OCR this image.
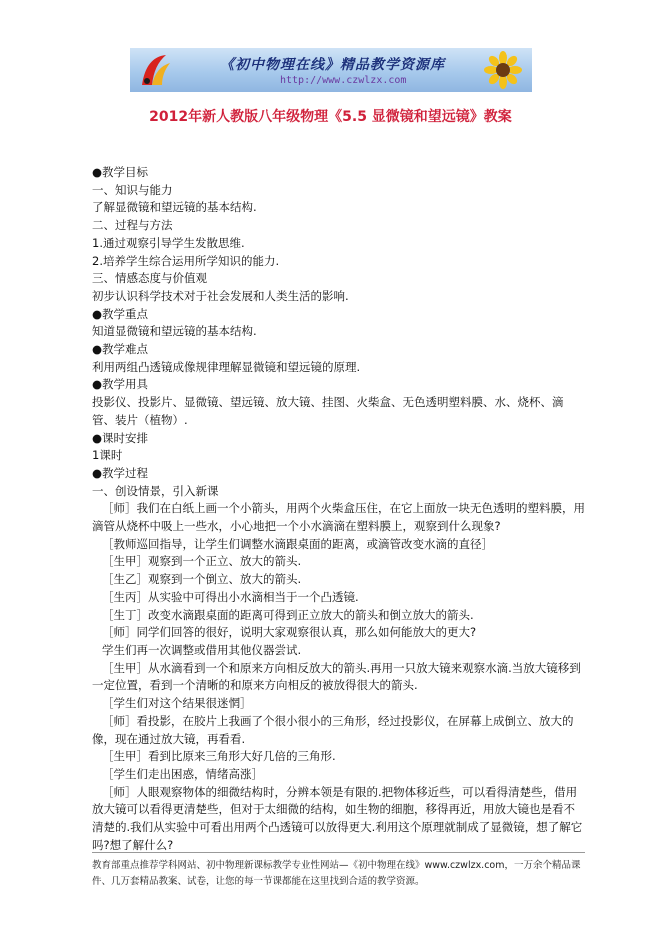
《初中物理在线》精品教学资源库
http://www.czwlzx.com
2012年新人教版八年级物理《5.5 显微镜和望远镜》教案

●教学目标

一、知识与能力

了解显微镜和望远镜的基本结构.

二、过程与方法

1.通过观察引导学生发散思维.

2.培养学生综合运用所学知识的能力.

三、情感态度与价值观

初步认识科学技术对于社会发展和人类生活的影响.

●教学重点

知道显微镜和望远镜的基本结构.

●教学难点

利用两组凸透镜成像规律理解显微镜和望远镜的原理.

●教学用具

投影仪、投影片、显微镜、望远镜、放大镜、挂图、火柴盒、无色透明塑料膜、水、烧杯、滴管、装片（植物）.

●课时安排

1课时

●教学过程

一、创设情景，引入新课

［师］我们在白纸上画一个小箭头，用两个火柴盒压住，在它上面放一块无色透明的塑料膜，用滴管从烧杯中吸上一些水，小心地把一个小水滴滴在塑料膜上，观察到什么现象?

［教师巡回指导，让学生们调整水滴跟桌面的距离，或滴管改变水滴的直径］

［生甲］观察到一个正立、放大的箭头.

［生乙］观察到一个倒立、放大的箭头.

［生丙］从实验中可得出小水滴相当于一个凸透镜.

［生丁］改变水滴跟桌面的距离可得到正立放大的箭头和倒立放大的箭头.

［师］同学们回答的很好，说明大家观察很认真，那么如何能放大的更大?

学生们再一次调整或借用其他仪器尝试.

［生甲］从水滴看到一个和原来方向相反放大的箭头.再用一只放大镜来观察水滴.当放大镜移到一定位置，看到一个清晰的和原来方向相反的被放得很大的箭头.

［学生们对这个结果很迷惘］

［师］看投影，在胶片上我画了个很小很小的三角形，经过投影仪，在屏幕上成倒立、放大的像，现在通过放大镜，再看看.

［生甲］看到比原来三角形大好几倍的三角形.

［学生们走出困惑，情绪高涨］

［师］人眼观察物体的细微结构时，分辨本领是有限的.把物体移近些，可以看得清楚些，借用放大镜可以看得更清楚些，但对于太细微的结构，如生物的细胞，移得再近，用放大镜也是看不清楚的.我们从实验中可看出用两个凸透镜可以放得更大.利用这个原理就制成了显微镜，想了解它吗?想了解什么?

教育部重点推荐学科网站、初中物理新课标教学专业性网站—《初中物理在线》www.czwlzx.com，一万余个精品课件、几万套精品教案、试卷，让您的每一节课都能在这里找到合适的教学资源。
